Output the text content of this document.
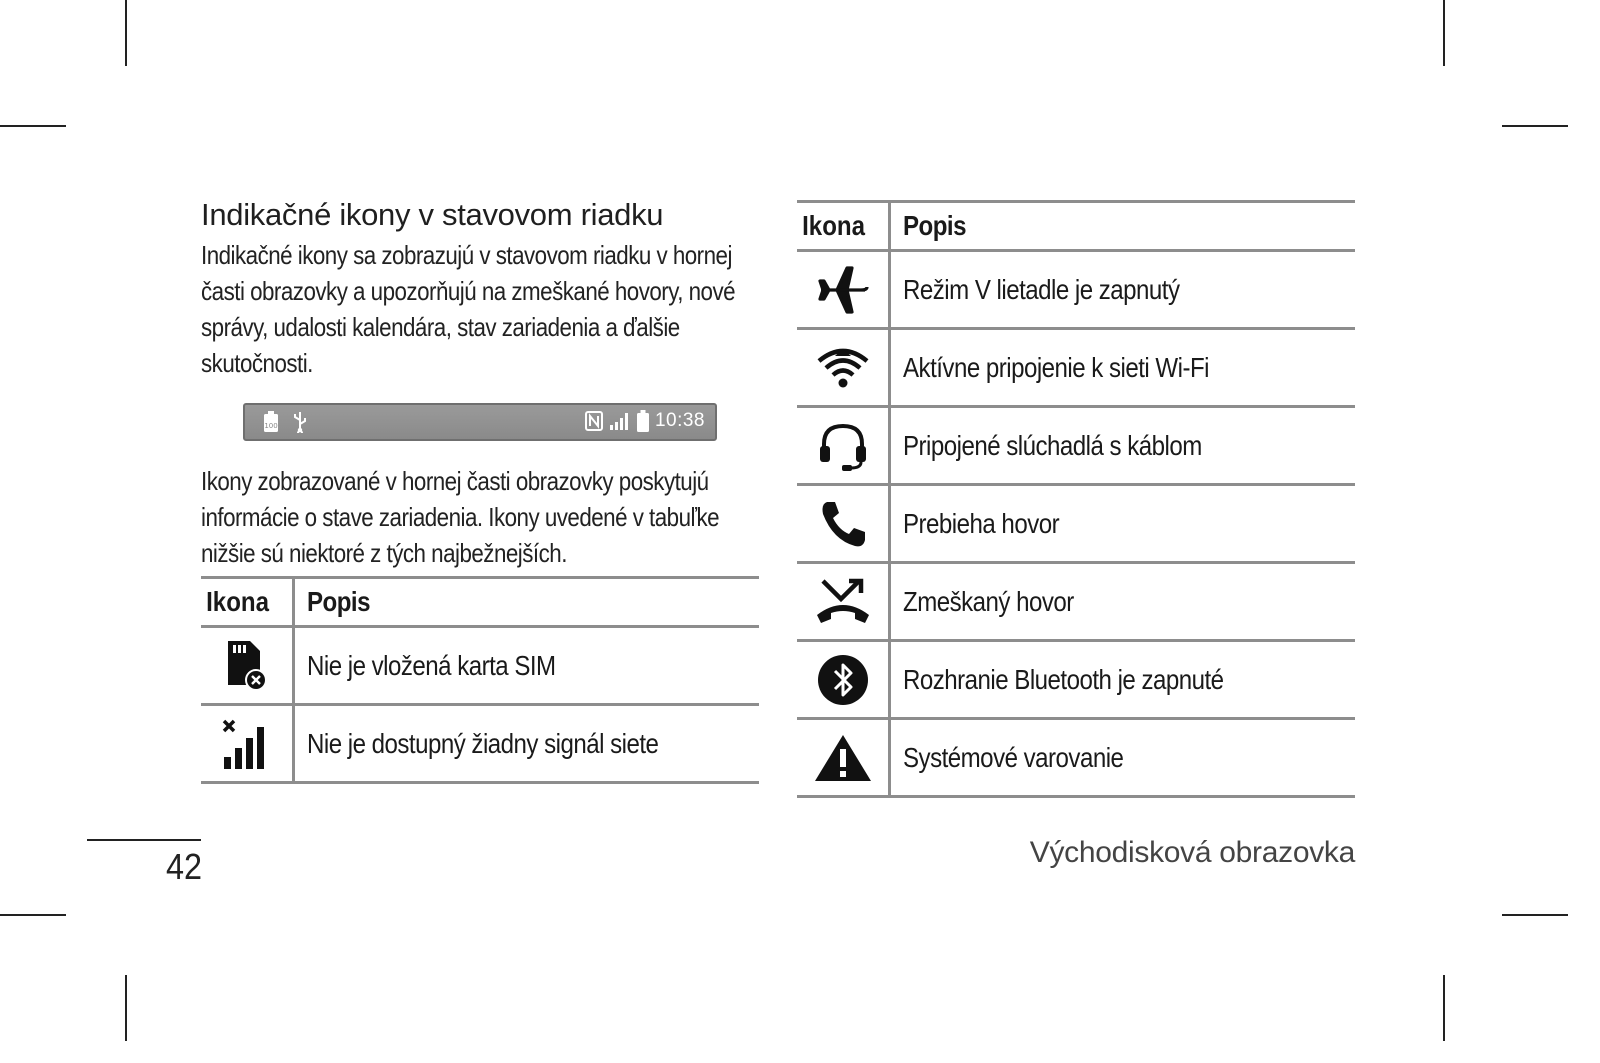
Indikačné ikony v stavovom riadku

Indikačné ikony sa zobrazujú v stavovom riadku v hornej časti obrazovky a upozorňujú na zmeškané hovory, nové správy, udalosti kalendára, stav zariadenia a ďalšie skutočnosti.

100	10:38

Ikony zobrazované v hornej časti obrazovky poskytujú informácie o stave zariadenia. Ikony uvedené v tabuľke nižšie sú niektoré z tých najbežnejších.

Ikona	Popis

	Nie je vložená karta SIM

	Nie je dostupný žiadny signál siete
Ikona	Popis

	Režim V lietadle je zapnutý

	Aktívne pripojenie k sieti Wi-Fi

	Pripojené slúchadlá s káblom

	Prebieha hovor

	Zmeškaný hovor

	Rozhranie Bluetooth je zapnuté

	Systémové varovanie
42	Východisková obrazovka
